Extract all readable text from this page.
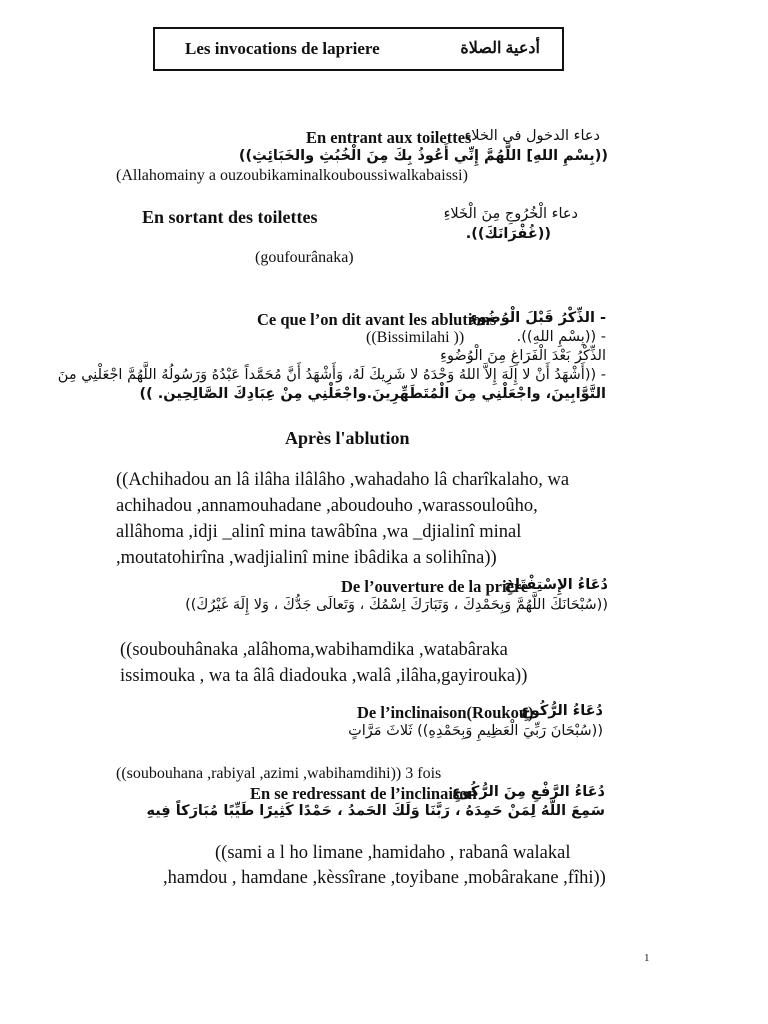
Les invocations de lapriere	أدعية الصلاة
En entrant aux toilettes
دعاء الدخول في الخلاء
((بِسْمِ اللهِ] اللَّهُمَّ إِنِّي أَعُوذُ بِكَ مِنَ الْخُبُثِ والخَبَائِثِ))
(Allahomainy a ouzoubikaminalkouboussiwalkabaissi)
En sortant des toilettes	دعاء الْخُرُوجِ مِنَ الْخَلاءِ
((غُفْرَانَكَ)).
(goufourânaka)
Ce que l’on dit avant les ablutions
- الذِّكْرُ قَبْلَ الْوُضُوءِ
- ((بِسْمِ اللهِ)).
((Bissimilahi ))
الذِّكْرُ بَعْدَ الْفَرَاغِ مِنَ الْوُضُوءِ
- ((أَشْهَدُ أَنْ لا إِلَهَ إِلاَّ اللهُ وَحْدَهُ لا شَرِيكَ لَهُ، وَأَشْهَدُ أَنَّ مُحَمَّداً عَبْدُهُ وَرَسُولُهُ اللَّهُمَّ اجْعَلْنِي مِنَ
التَّوَّابِينَ، واجْعَلْنِي مِنَ الْمُتَطَهِّرِينَ.واجْعَلْنِي مِنْ عِبَادِكَ الصَّالِحِين. ))
Après l'ablution
((Achihadou an lâ ilâha ilâlâho ,wahadaho lâ charîkalaho, wa
achihadou ,annamouhadane ,aboudouho ,warassouloûho,
allâhoma ,idji _alinî mina tawâbîna ,wa _djialinî minal
,moutatohirîna ,wadjialinî mine ibâdika a solihîna))
De l’ouverture de la prière
دُعَاءُ الإِسْتِفْتَاحِ
((سُبْحَانَكَ اللَّهُمَّ وَبِحَمْدِكَ ، وَتَبَارَكَ اِسْمُكَ ، وَتَعالَى جَدُّكَ ، وَلا إِلَهَ غَيْرُكَ))
((soubouhânaka ,alâhoma,wabihamdika ,watabâraka
issimouka , wa ta âlâ diadouka ,walâ ,ilâha,gayirouka))
De l’inclinaison(Roukou)
دُعَاءُ الرُّكُوعِ
((سُبْحَانَ رَبِّيَ الْعَظِيمِ وَبِحَمْدِهِ)) ثَلاثَ مَرَّاتٍ
((soubouhana ,rabiyal ,azimi ,wabihamdihi)) 3 fois
En se redressant de l’inclinaison
دُعَاءُ الرَّفْعِ مِنَ الرُّكُوعِ
سَمِعَ اللَّهُ لِمَنْ حَمِدَهُ ، رَبَّنَا وَلَكَ الحَمدُ ، حَمْدًا كَثِيرًا طَيِّبًا مُبَارَكاً فِيهِ
((sami a l ho limane ,hamidaho , rabanâ walakal
,hamdou , hamdane ,kèssîrane ,toyibane ,mobârakane ,fîhi))
1
